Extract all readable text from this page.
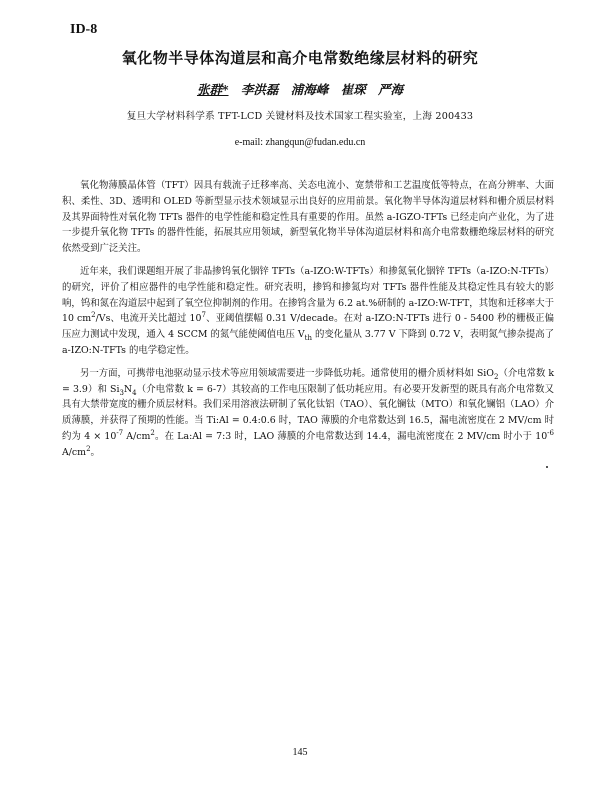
ID-8
氧化物半导体沟道层和高介电常数绝缘层材料的研究
张群* 李洪磊 浦海峰 崔琛 严海
复旦大学材料科学系 TFT-LCD 关键材料及技术国家工程实验室，上海 200433
e-mail: zhangqun@fudan.edu.cn

氧化物薄膜晶体管（TFT）因具有载流子迁移率高、关态电流小、宽禁带和工艺温度低等特点，在高分辨率、大面积、柔性、3D、透明和 OLED 等新型显示技术领域显示出良好的应用前景。氧化物半导体沟道层材料和栅介质层材料及其界面特性对氧化物 TFTs 器件的电学性能和稳定性具有重要的作用。虽然 a-IGZO-TFTs 已经走向产业化，为了进一步提升氧化物 TFTs 的器件性能，拓展其应用领域，新型氧化物半导体沟道层材料和高介电常数栅绝缘层材料的研究依然受到广泛关注。

近年来，我们课题组开展了非晶掺钨氧化铟锌 TFTs（a-IZO:W-TFTs）和掺氮氧化铟锌 TFTs（a-IZO:N-TFTs）的研究，评价了相应器件的电学性能和稳定性。研究表明，掺钨和掺氮均对 TFTs 器件性能及其稳定性具有较大的影响，钨和氮在沟道层中起到了氧空位抑制剂的作用。在掺钨含量为 6.2 at.%研制的 a-IZO:W-TFT，其饱和迁移率大于 10 $cm^2/Vs$、电流开关比超过 $10^7$、亚阈值摆幅 0.31 V/decade。在对 a-IZO:N-TFTs 进行 0 - 5400 秒的栅极正偏压应力测试中发现，通入 4 SCCM 的氮气能使阈值电压 $V_{th}$ 的变化量从 3.77 V 下降到 0.72 V，表明氮气掺杂提高了 a-IZO:N-TFTs 的电学稳定性。

另一方面，可携带电池驱动显示技术等应用领域需要进一步降低功耗。通常使用的栅介质材料如 SiO$_2$（介电常数 k = 3.9）和 $Si_3N_4$（介电常数 k = 6-7）其较高的工作电压限制了低功耗应用。有必要开发新型的既具有高介电常数又具有大禁带宽度的栅介质层材料。我们采用溶液法研制了氧化钛铝（TAO）、氧化镧钛（MTO）和氧化镧铝（LAO）介质薄膜，并获得了预期的性能。当 Ti:Al = 0.4:0.6 时，TAO 薄膜的介电常数达到 16.5，漏电流密度在 2 MV/cm 时约为 $4 \times 10^{-7}$ $A/cm^2$。在 La:Al = 7:3 时，LAO 薄膜的介电常数达到 14.4，漏电流密度在 2 MV/cm 时小于 $10^{-6}$ $A/cm^2$。

145
